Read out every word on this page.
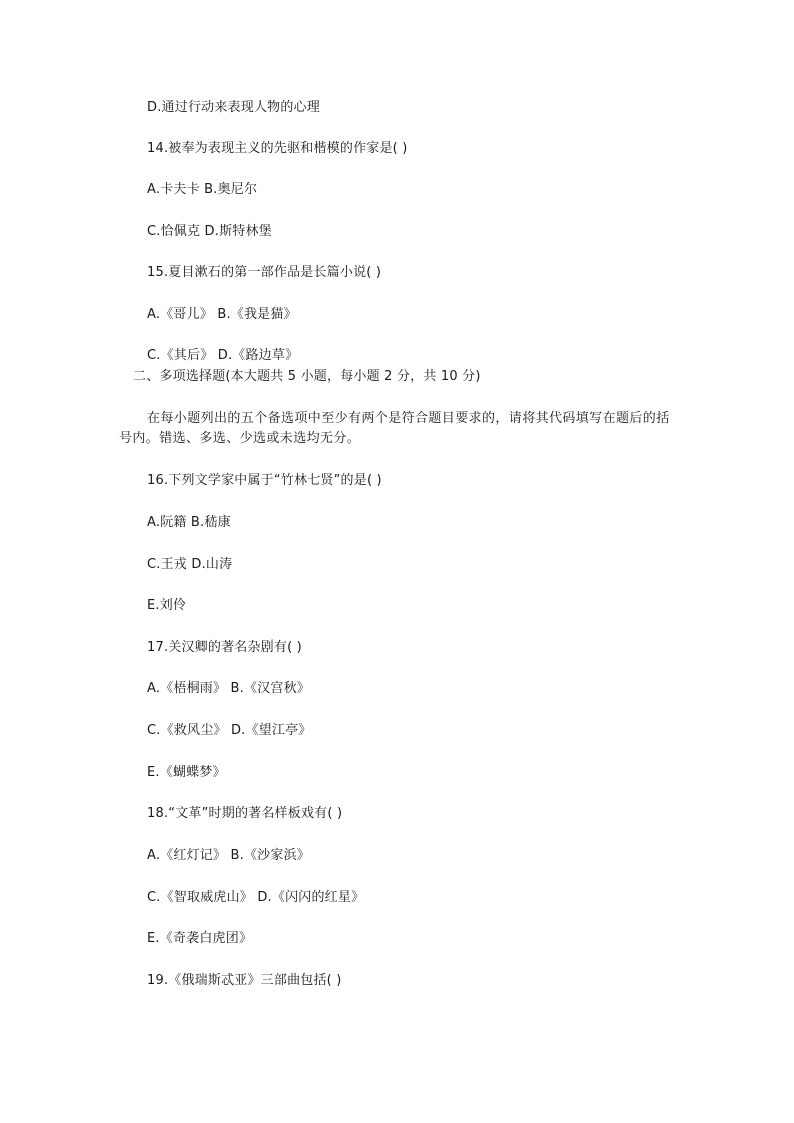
D.通过行动来表现人物的心理
14.被奉为表现主义的先驱和楷模的作家是( )
A.卡夫卡 B.奥尼尔
C.恰佩克 D.斯特林堡
15.夏目漱石的第一部作品是长篇小说( )
A.《哥儿》 B.《我是猫》
C.《其后》 D.《路边草》
二、多项选择题(本大题共 5 小题，每小题 2 分，共 10 分)
在每小题列出的五个备选项中至少有两个是符合题目要求的，请将其代码填写在题后的括号内。错选、多选、少选或未选均无分。
16.下列文学家中属于“竹林七贤”的是( )
A.阮籍 B.嵇康
C.王戎 D.山涛
E.刘伶
17.关汉卿的著名杂剧有( )
A.《梧桐雨》 B.《汉宫秋》
C.《救风尘》 D.《望江亭》
E.《蝴蝶梦》
18.“文革”时期的著名样板戏有( )
A.《红灯记》 B.《沙家浜》
C.《智取威虎山》 D.《闪闪的红星》
E.《奇袭白虎团》
19.《俄瑞斯忒亚》三部曲包括( )
